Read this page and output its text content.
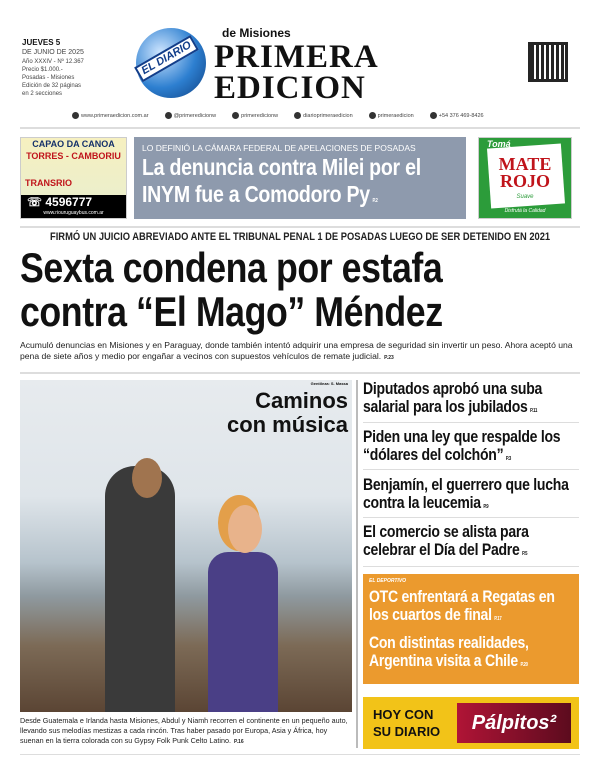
JUEVES 5
DE JUNIO DE 2025
Año XXXIV - Nº 12.367
Precio $1.000.-
Posadas - Misiones
Edición de 32 páginas
en 2 secciones
EL DIARIO
de Misiones
PRIMERA
EDICION
www.primeraedicion.com.ar	@primeredicionw	primeredicionw	diarioprimeraedicion	primeraedicion	+54 376 469-8426
CAPAO DA CANOA
TORRES - CAMBORIU
TRANSRIO
☏ 4596777
www.riouruguaybus.com.ar
LO DEFINIÓ LA CÁMARA FEDERAL DE APELACIONES DE POSADAS
La denuncia contra Milei por el INYM fue a Comodoro Py P.2
Tomá
MATE ROJO
Suave
Disfrutá la Calidad
FIRMÓ UN JUICIO ABREVIADO ANTE EL TRIBUNAL PENAL 1 DE POSADAS LUEGO DE SER DETENIDO EN 2021
Sexta condena por estafa
contra “El Mago” Méndez
Acumuló denuncias en Misiones y en Paraguay, donde también intentó adquirir una empresa de seguridad sin invertir un peso. Ahora aceptó una pena de siete años y medio por engañar a vecinos con supuestos vehículos de remate judicial. P.23
Gentileza: S. Massa
Caminos
con música
Desde Guatemala e Irlanda hasta Misiones, Abdul y Niamh recorren el continente en un pequeño auto, llevando sus melodías mestizas a cada rincón. Tras haber pasado por Europa, Asia y África, hoy suenan en la tierra colorada con su Gypsy Folk Punk Celto Latino. P.16
Diputados aprobó una suba salarial para los jubilados P.11
Piden una ley que respalde los “dólares del colchón” P.3
Benjamín, el guerrero que lucha contra la leucemia P.9
El comercio se alista para celebrar el Día del Padre P.5
EL DEPORTIVO
OTC enfrentará a Regatas en los cuartos de final P.17
Con distintas realidades, Argentina visita a Chile P.20
HOY CON
SU DIARIO	Pálpitos²
